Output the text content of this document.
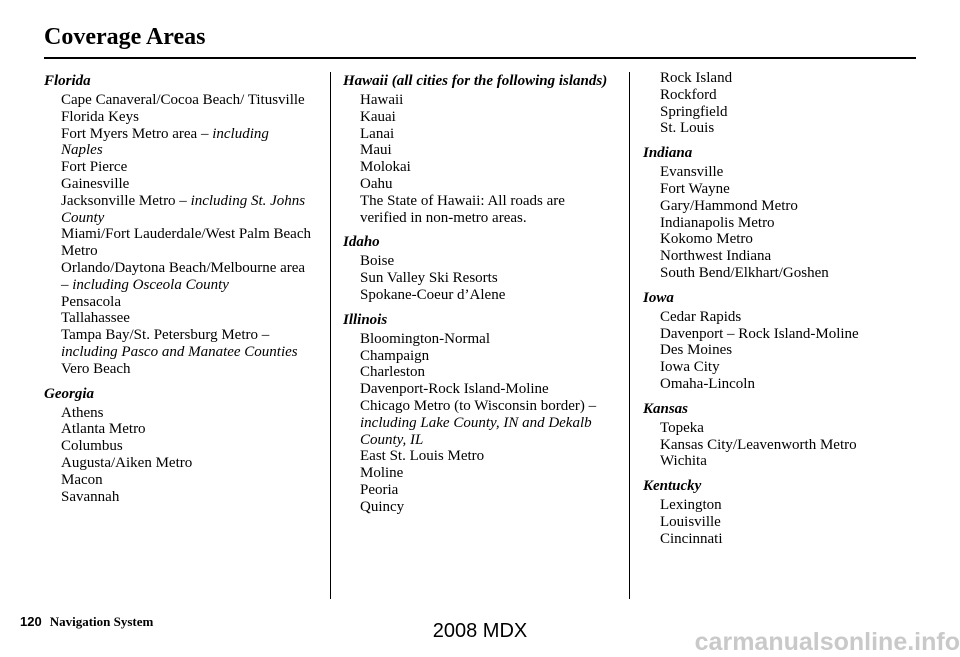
Coverage Areas
Florida
Cape Canaveral/Cocoa Beach/ Titusville
Florida Keys
Fort Myers Metro area – including Naples
Fort Pierce
Gainesville
Jacksonville Metro – including St. Johns County
Miami/Fort Lauderdale/West Palm Beach Metro
Orlando/Daytona Beach/Melbourne area – including Osceola County
Pensacola
Tallahassee
Tampa Bay/St. Petersburg Metro – including Pasco and Manatee Counties
Vero Beach
Georgia
Athens
Atlanta Metro
Columbus
Augusta/Aiken Metro
Macon
Savannah
Hawaii (all cities for the following islands)
Hawaii
Kauai
Lanai
Maui
Molokai
Oahu
The State of Hawaii: All roads are verified in non-metro areas.
Idaho
Boise
Sun Valley Ski Resorts
Spokane-Coeur d’Alene
Illinois
Bloomington-Normal
Champaign
Charleston
Davenport-Rock Island-Moline
Chicago Metro (to Wisconsin border) – including Lake County, IN and Dekalb County, IL
East St. Louis Metro
Moline
Peoria
Quincy
Rock Island
Rockford
Springfield
St. Louis
Indiana
Evansville
Fort Wayne
Gary/Hammond Metro
Indianapolis Metro
Kokomo Metro
Northwest Indiana
South Bend/Elkhart/Goshen
Iowa
Cedar Rapids
Davenport – Rock Island-Moline
Des Moines
Iowa City
Omaha-Lincoln
Kansas
Topeka
Kansas City/Leavenworth Metro
Wichita
Kentucky
Lexington
Louisville
Cincinnati
120 Navigation System	2008 MDX	carmanualsonline.info
